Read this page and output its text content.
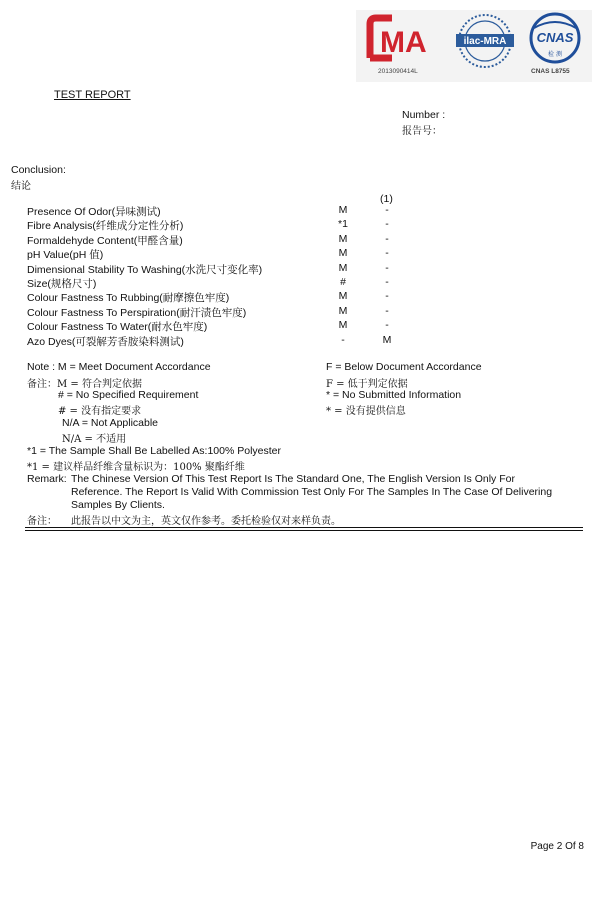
MA	ilac-MRA CNAS
检 测
2013090414L	CNAS L8755
TEST REPORT
Number :
报告号：
Conclusion:
结论
(1)
Presence Of Odor(异味测试)	M	-
Fibre Analysis(纤维成分定性分析)	*1	-
Formaldehyde Content(甲醛含量)	M	-
pH Value(pH 值)	M	-
Dimensional Stability To Washing(水洗尺寸变化率)	M	-
Size(规格尺寸)	#	-
Colour Fastness To Rubbing(耐摩擦色牢度)	M	-
Colour Fastness To Perspiration(耐汗渍色牢度)	M	-
Colour Fastness To Water(耐水色牢度)	M	-
Azo Dyes(可裂解芳香胺染料测试)	-	M
Note : M = Meet Document Accordance	F = Below Document Accordance
备注：M = 符合判定依据	F = 低于判定依据
# = No Specified Requirement	* = No Submitted Information
# = 没有指定要求	* = 没有提供信息
N/A = Not Applicable
N/A = 不适用
*1 = The Sample Shall Be Labelled As:100% Polyester
*1 = 建议样品纤维含量标识为：100% 聚酯纤维
Remark: The Chinese Version Of This Test Report Is The Standard One, The English Version Is Only For
Reference. The Report Is Valid With Commission Test Only For The Samples In The Case Of Delivering
Samples By Clients.
备注： 此报告以中文为主，英文仅作参考。委托检验仅对来样负责。
Page 2 Of 8
